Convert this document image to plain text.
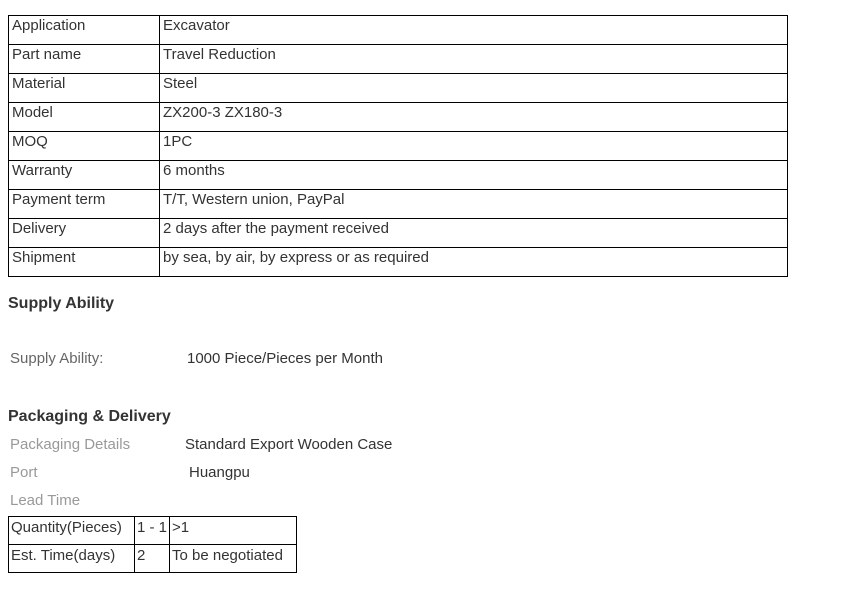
Application	Excavator
Part name	Travel Reduction
Material	Steel
Model	ZX200-3 ZX180-3
MOQ	1PC
Warranty	6 months
Payment term	T/T, Western union, PayPal
Delivery	2 days after the payment received
Shipment	by sea, by air, by express or as required
Supply Ability
Supply Ability:	1000 Piece/Pieces per Month
Packaging & Delivery
Packaging Details	Standard Export Wooden Case
Port	Huangpu
Lead Time
Quantity(Pieces)	1 - 1	>1
Est. Time(days)	2	To be negotiated
